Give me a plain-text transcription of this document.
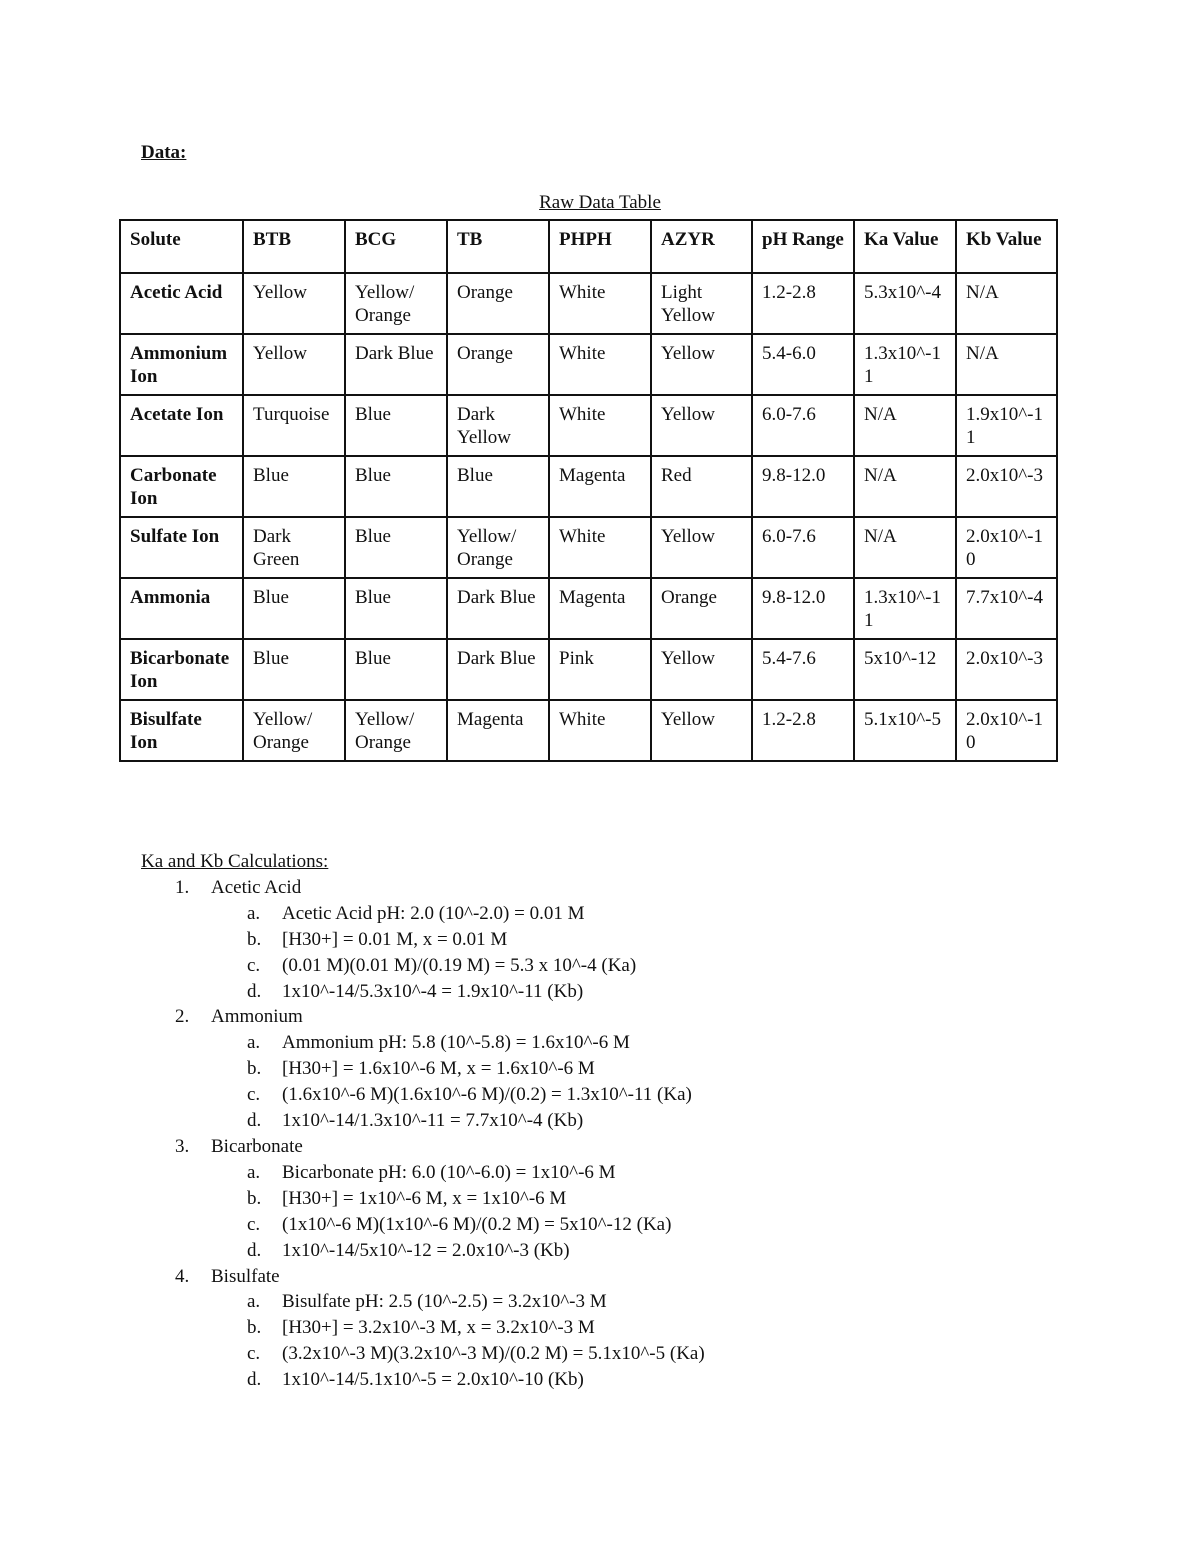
Data:
Raw Data Table
Solute	BTB	BCG	TB	PHPH	AZYR	pH Range	Ka Value	Kb Value
Acetic Acid	Yellow	Yellow/ Orange	Orange	White	Light Yellow	1.2-2.8	5.3x10^-4	N/A
Ammonium Ion	Yellow	Dark Blue	Orange	White	Yellow	5.4-6.0	1.3x10^-1 1	N/A
Acetate Ion	Turquoise	Blue	Dark Yellow	White	Yellow	6.0-7.6	N/A	1.9x10^-1 1
Carbonate Ion	Blue	Blue	Blue	Magenta	Red	9.8-12.0	N/A	2.0x10^-3
Sulfate Ion	Dark Green	Blue	Yellow/ Orange	White	Yellow	6.0-7.6	N/A	2.0x10^-1 0
Ammonia	Blue	Blue	Dark Blue	Magenta	Orange	9.8-12.0	1.3x10^-1 1	7.7x10^-4
Bicarbonate Ion	Blue	Blue	Dark Blue	Pink	Yellow	5.4-7.6	5x10^-12	2.0x10^-3
Bisulfate Ion	Yellow/ Orange	Yellow/ Orange	Magenta	White	Yellow	1.2-2.8	5.1x10^-5	2.0x10^-1 0
Ka and Kb Calculations:
1. Acetic Acid
a. Acetic Acid pH: 2.0 (10^-2.0) = 0.01 M
b. [H30+] = 0.01 M, x = 0.01 M
c. (0.01 M)(0.01 M)/(0.19 M) = 5.3 x 10^-4 (Ka)
d. 1x10^-14/5.3x10^-4 = 1.9x10^-11 (Kb)
2. Ammonium
a. Ammonium pH: 5.8 (10^-5.8) = 1.6x10^-6 M
b. [H30+] = 1.6x10^-6 M, x = 1.6x10^-6 M
c. (1.6x10^-6 M)(1.6x10^-6 M)/(0.2) = 1.3x10^-11 (Ka)
d. 1x10^-14/1.3x10^-11 = 7.7x10^-4 (Kb)
3. Bicarbonate
a. Bicarbonate pH: 6.0 (10^-6.0) = 1x10^-6 M
b. [H30+] = 1x10^-6 M, x = 1x10^-6 M
c. (1x10^-6 M)(1x10^-6 M)/(0.2 M) = 5x10^-12 (Ka)
d. 1x10^-14/5x10^-12 = 2.0x10^-3 (Kb)
4. Bisulfate
a. Bisulfate pH: 2.5 (10^-2.5) = 3.2x10^-3 M
b. [H30+] = 3.2x10^-3 M, x = 3.2x10^-3 M
c. (3.2x10^-3 M)(3.2x10^-3 M)/(0.2 M) = 5.1x10^-5 (Ka)
d. 1x10^-14/5.1x10^-5 = 2.0x10^-10 (Kb)
